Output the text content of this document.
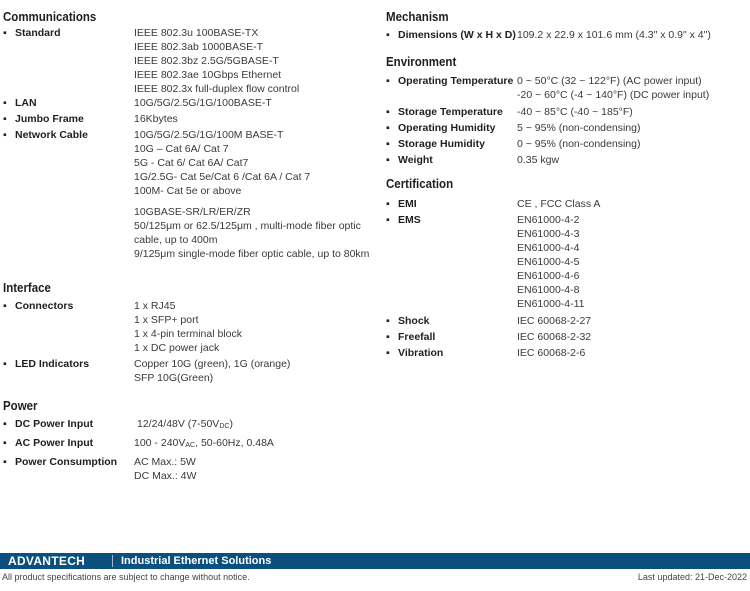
Communications
▪ Standard	IEEE 802.3u 100BASE-TX
IEEE 802.3ab 1000BASE-T
IEEE 802.3bz 2.5G/5GBASE-T
IEEE 802.3ae 10Gbps Ethernet
IEEE 802.3x full-duplex flow control
▪ LAN	10G/5G/2.5G/1G/100BASE-T
▪ Jumbo Frame	16Kbytes
▪ Network Cable	10G/5G/2.5G/1G/100M BASE-T
10G – Cat 6A/ Cat 7
5G - Cat 6/ Cat 6A/ Cat7
1G/2.5G- Cat 5e/Cat 6 /Cat 6A / Cat 7
100M- Cat 5e or above
10GBASE-SR/LR/ER/ZR
50/125μm or 62.5/125μm , multi-mode fiber optic
cable, up to 400m
9/125μm single-mode fiber optic cable, up to 80km
Interface
▪ Connectors	1 x RJ45
1 x SFP+ port
1 x 4-pin terminal block
1 x DC power jack
▪ LED Indicators	Copper 10G (green), 1G (orange)
SFP 10G(Green)
Power
▪ DC Power Input	12/24/48V (7-50VDC)
▪ AC Power Input	100 - 240VAC, 50-60Hz, 0.48A
▪ Power Consumption	AC Max.: 5W
DC Max.: 4W
Mechanism
▪ Dimensions (W x H x D) 109.2 x 22.9 x 101.6 mm (4.3" x 0.9" x 4")
Environment
▪ Operating Temperature 0 ~ 50°C (32 ~ 122°F) (AC power input)
-20 ~ 60°C (-4 ~ 140°F) (DC power input)
▪ Storage Temperature	-40 ~ 85°C (-40 ~ 185°F)
▪ Operating Humidity	5 ~ 95% (non-condensing)
▪ Storage Humidity	0 ~ 95% (non-condensing)
▪ Weight	0.35 kgw
Certification
▪ EMI	CE , FCC Class A
▪ EMS	EN61000-4-2
EN61000-4-3
EN61000-4-4
EN61000-4-5
EN61000-4-6
EN61000-4-8
EN61000-4-11
▪ Shock	IEC 60068-2-27
▪ Freefall	IEC 60068-2-32
▪ Vibration	IEC 60068-2-6
ADVANTECH	Industrial Ethernet Solutions
All product specifications are subject to change without notice.	Last updated: 21-Dec-2022
